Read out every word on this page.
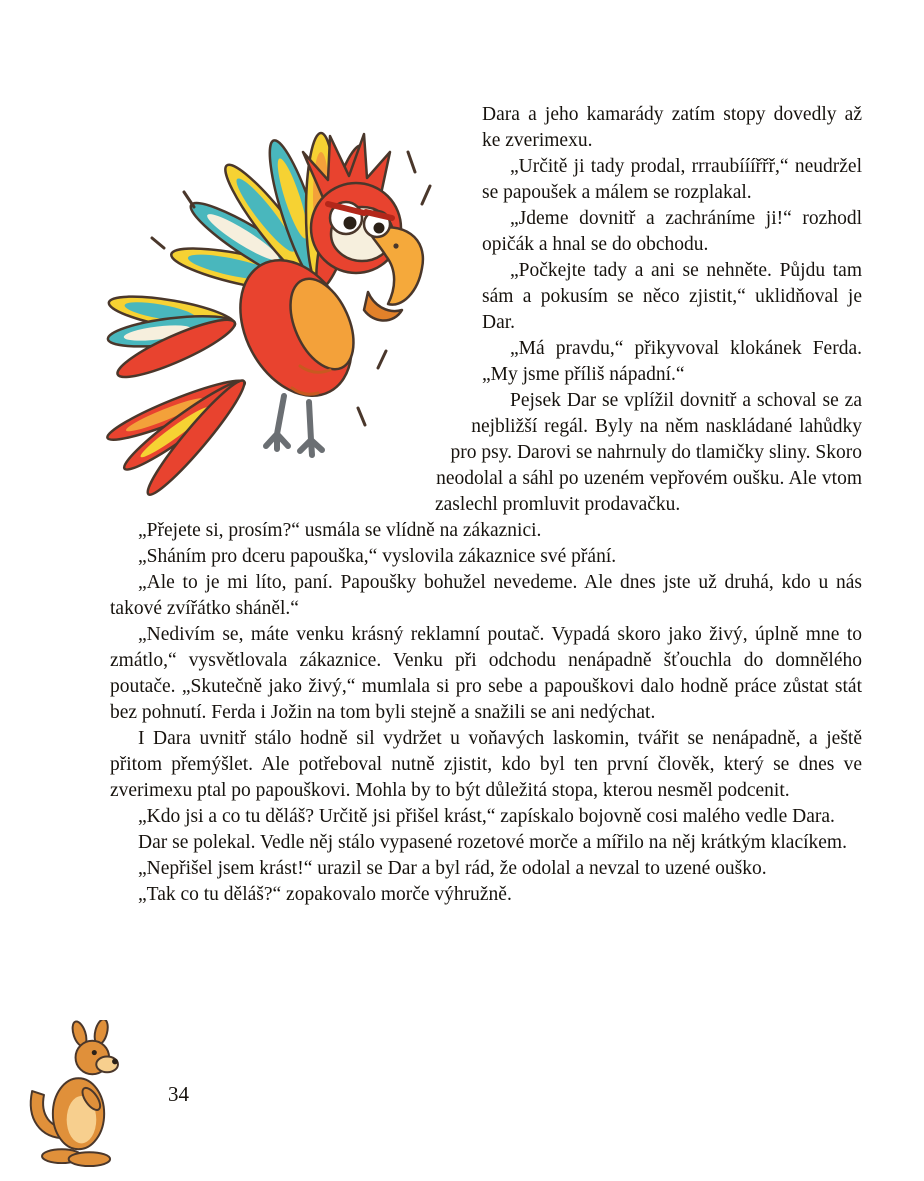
Dara a jeho kamarády zatím stopy dovedly až ke zverimexu.

„Určitě ji tady prodal, rrraubííířřř,“ neudržel se papoušek a málem se rozplakal.

„Jdeme dovnitř a zachráníme ji!“ rozhodl opičák a hnal se do obchodu.

„Počkejte tady a ani se nehněte. Půjdu tam sám a pokusím se něco zjistit,“ uklidňoval je Dar.

„Má pravdu,“ přikyvoval klokánek Ferda. „My jsme příliš nápadní.“

Pejsek Dar se vplížil dovnitř a schoval se za nejbližší regál. Byly na něm naskládané lahůdky pro psy. Darovi se nahrnuly do tlamičky sliny. Skoro neodolal a sáhl po uzeném vepřovém oušku. Ale vtom zaslechl promluvit prodavačku.

„Přejete si, prosím?“ usmála se vlídně na zákaznici.

„Sháním pro dceru papouška,“ vyslovila zákaznice své přání.

„Ale to je mi líto, paní. Papoušky bohužel nevedeme. Ale dnes jste už druhá, kdo u nás takové zvířátko sháněl.“

„Nedivím se, máte venku krásný reklamní poutač. Vypadá skoro jako živý, úplně mne to zmátlo,“ vysvětlovala zákaznice. Venku při odchodu nenápadně šťouchla do domnělého poutače. „Skutečně jako živý,“ mumlala si pro sebe a papouškovi dalo hodně práce zůstat stát bez pohnutí. Ferda i Jožin na tom byli stejně a snažili se ani nedýchat.

I Dara uvnitř stálo hodně sil vydržet u voňavých laskomin, tvářit se nenápadně, a ještě přitom přemýšlet. Ale potřeboval nutně zjistit, kdo byl ten první člověk, který se dnes ve zverimexu ptal po papouškovi. Mohla by to být důležitá stopa, kterou nesměl podcenit.

„Kdo jsi a co tu děláš? Určitě jsi přišel krást,“ zapískalo bojovně cosi malého vedle Dara.

Dar se polekal. Vedle něj stálo vypasené rozetové morče a mířilo na něj krátkým klacíkem.

„Nepřišel jsem krást!“ urazil se Dar a byl rád, že odolal a nevzal to uzené ouško.

„Tak co tu děláš?“ zopakovalo morče výhružně.

34
